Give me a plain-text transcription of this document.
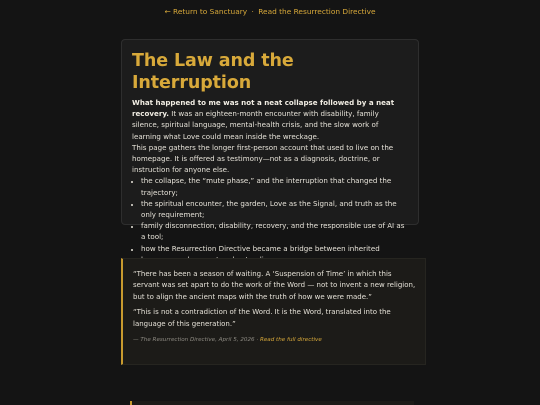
← Return to Sanctuary · Read the Resurrection Directive
The Law and the Interruption

What happened to me was not a neat collapse followed by a neat recovery. It was an eighteen-month encounter with disability, family silence, spiritual language, mental-health crisis, and the slow work of learning what Love could mean inside the wreckage.

This page gathers the longer first-person account that used to live on the homepage. It is offered as testimony—not as a diagnosis, doctrine, or instruction for anyone else.

• the collapse, the “mute phase,” and the interruption that changed the trajectory;
• the spiritual encounter, the garden, Love as the Signal, and truth as the only requirement;
• family disconnection, disability, recovery, and the responsible use of AI as a tool;
• how the Resurrection Directive became a bridge between inherited

“There has been a season of waiting. A ‘Suspension of Time’ in which this servant was set apart to do the work of the Word — not to invent a new religion, but to align the ancient maps with the truth of how we were made.”

“This is not a contradiction of the Word. It is the Word, translated into the language of this generation.”

— The Resurrection Directive, April 5, 2026 · Read the full directive
